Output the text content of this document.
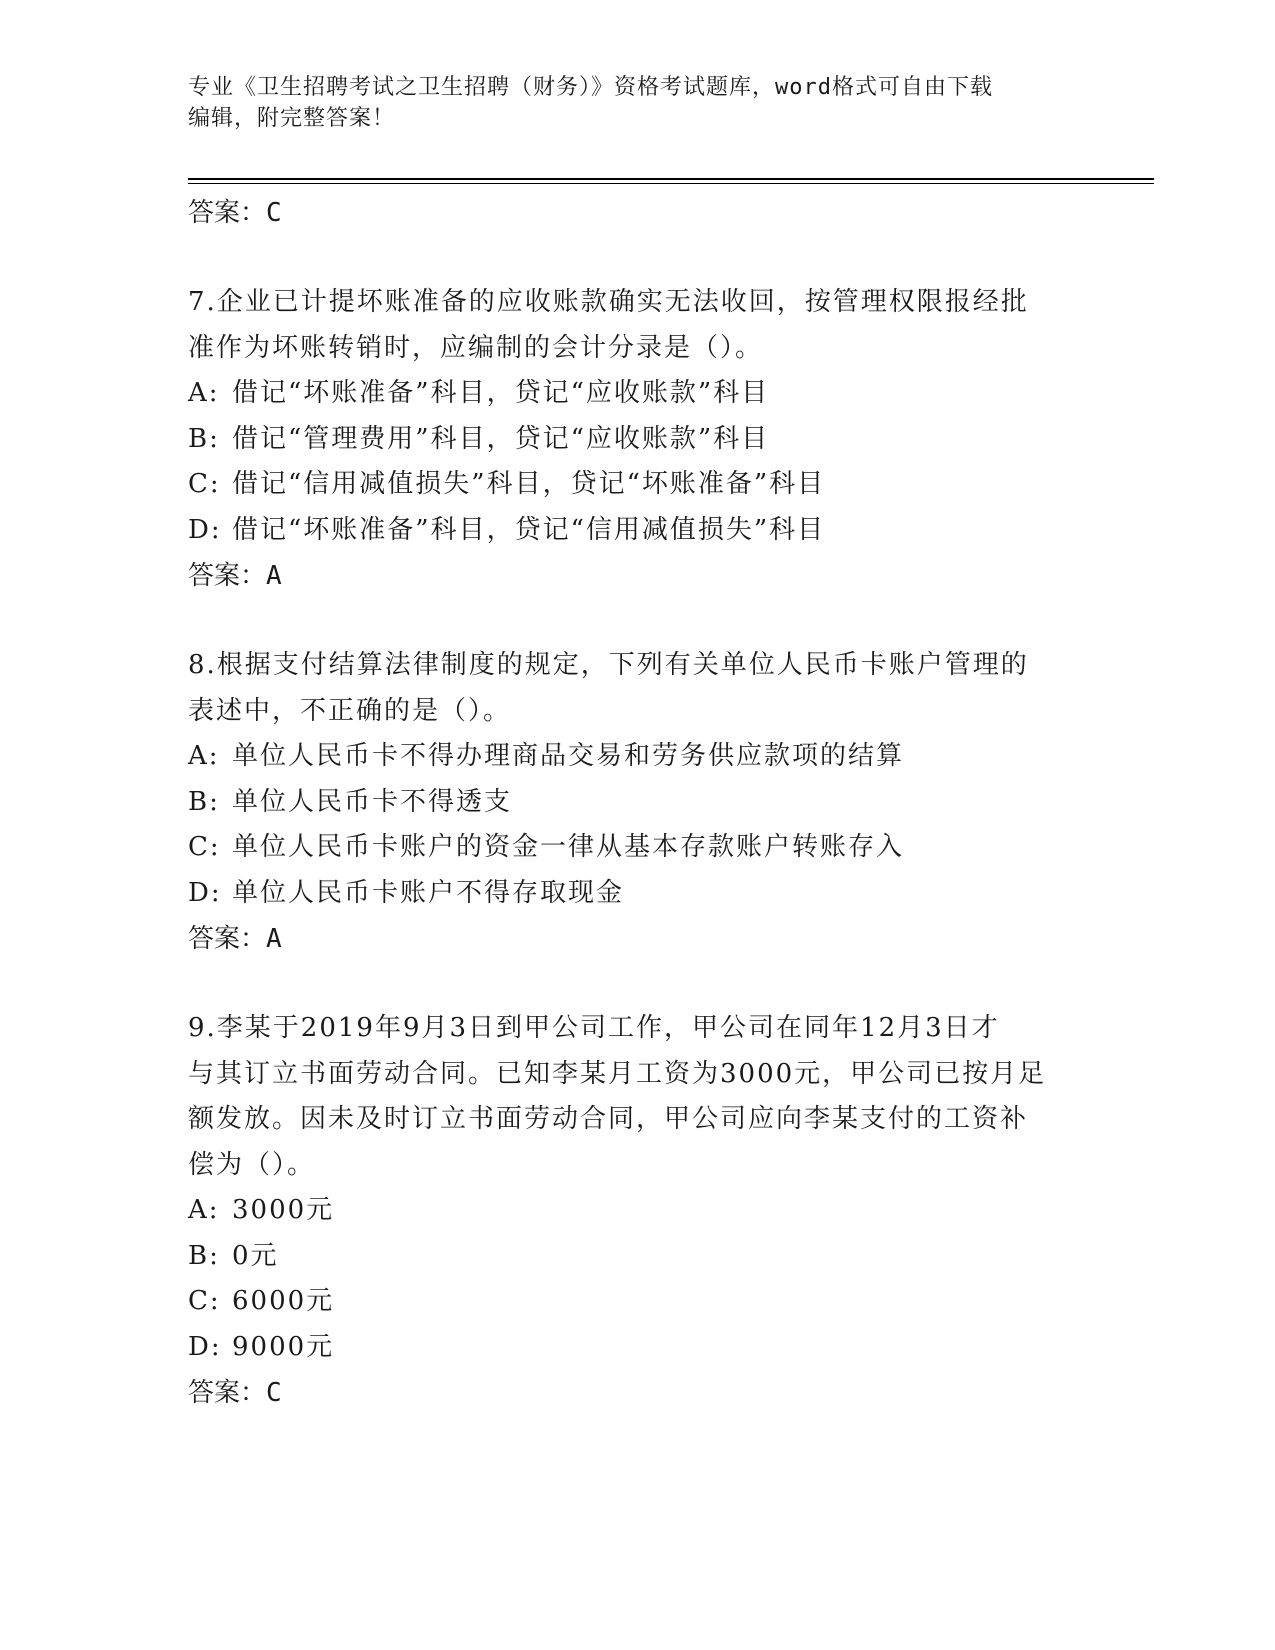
专业《卫生招聘考试之卫生招聘（财务）》资格考试题库，word格式可自由下载
编辑，附完整答案！

答案：C

7.企业已计提坏账准备的应收账款确实无法收回，按管理权限报经批

准作为坏账转销时，应编制的会计分录是（）。

A: 借记“坏账准备”科目，贷记“应收账款”科目
B: 借记“管理费用”科目，贷记“应收账款”科目
C: 借记“信用减值损失”科目，贷记“坏账准备”科目
D: 借记“坏账准备”科目，贷记“信用减值损失”科目

答案：A

8.根据支付结算法律制度的规定，下列有关单位人民币卡账户管理的

表述中，不正确的是（）。

A: 单位人民币卡不得办理商品交易和劳务供应款项的结算
B: 单位人民币卡不得透支
C: 单位人民币卡账户的资金一律从基本存款账户转账存入
D: 单位人民币卡账户不得存取现金

答案：A

9.李某于2019年9月3日到甲公司工作，甲公司在同年12月3日才

与其订立书面劳动合同。已知李某月工资为3000元，甲公司已按月足

额发放。因未及时订立书面劳动合同，甲公司应向李某支付的工资补

偿为（）。

A: 3000元
B: 0元
C: 6000元
D: 9000元

答案：C
